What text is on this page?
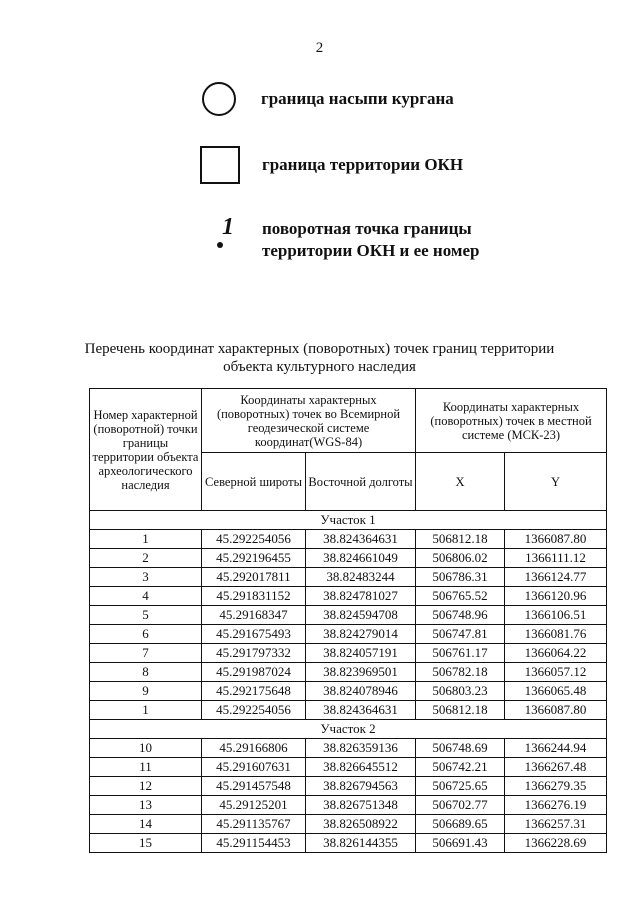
2
граница насыпи кургана
граница территории ОКН
1 поворотная точка границы
территории ОКН и ее номер
Перечень координат характерных (поворотных) точек границ территории
объекта культурного наследия
Номер характерной (поворотной) точки границы территории объекта археологического наследия	Координаты характерных (поворотных) точек во Всемирной геодезической системе координат(WGS-84)		Координаты характерных (поворотных) точек в местной системе (МСК-23)	
	Северной широты	Восточной долготы	X	Y
Участок 1				
1	45.292254056	38.824364631	506812.18	1366087.80
2	45.292196455	38.824661049	506806.02	1366111.12
3	45.292017811	38.82483244	506786.31	1366124.77
4	45.291831152	38.824781027	506765.52	1366120.96
5	45.29168347	38.824594708	506748.96	1366106.51
6	45.291675493	38.824279014	506747.81	1366081.76
7	45.291797332	38.824057191	506761.17	1366064.22
8	45.291987024	38.823969501	506782.18	1366057.12
9	45.292175648	38.824078946	506803.23	1366065.48
1	45.292254056	38.824364631	506812.18	1366087.80
Участок 2				
10	45.29166806	38.826359136	506748.69	1366244.94
11	45.291607631	38.826645512	506742.21	1366267.48
12	45.291457548	38.826794563	506725.65	1366279.35
13	45.29125201	38.826751348	506702.77	1366276.19
14	45.291135767	38.826508922	506689.65	1366257.31
15	45.291154453	38.826144355	506691.43	1366228.69
